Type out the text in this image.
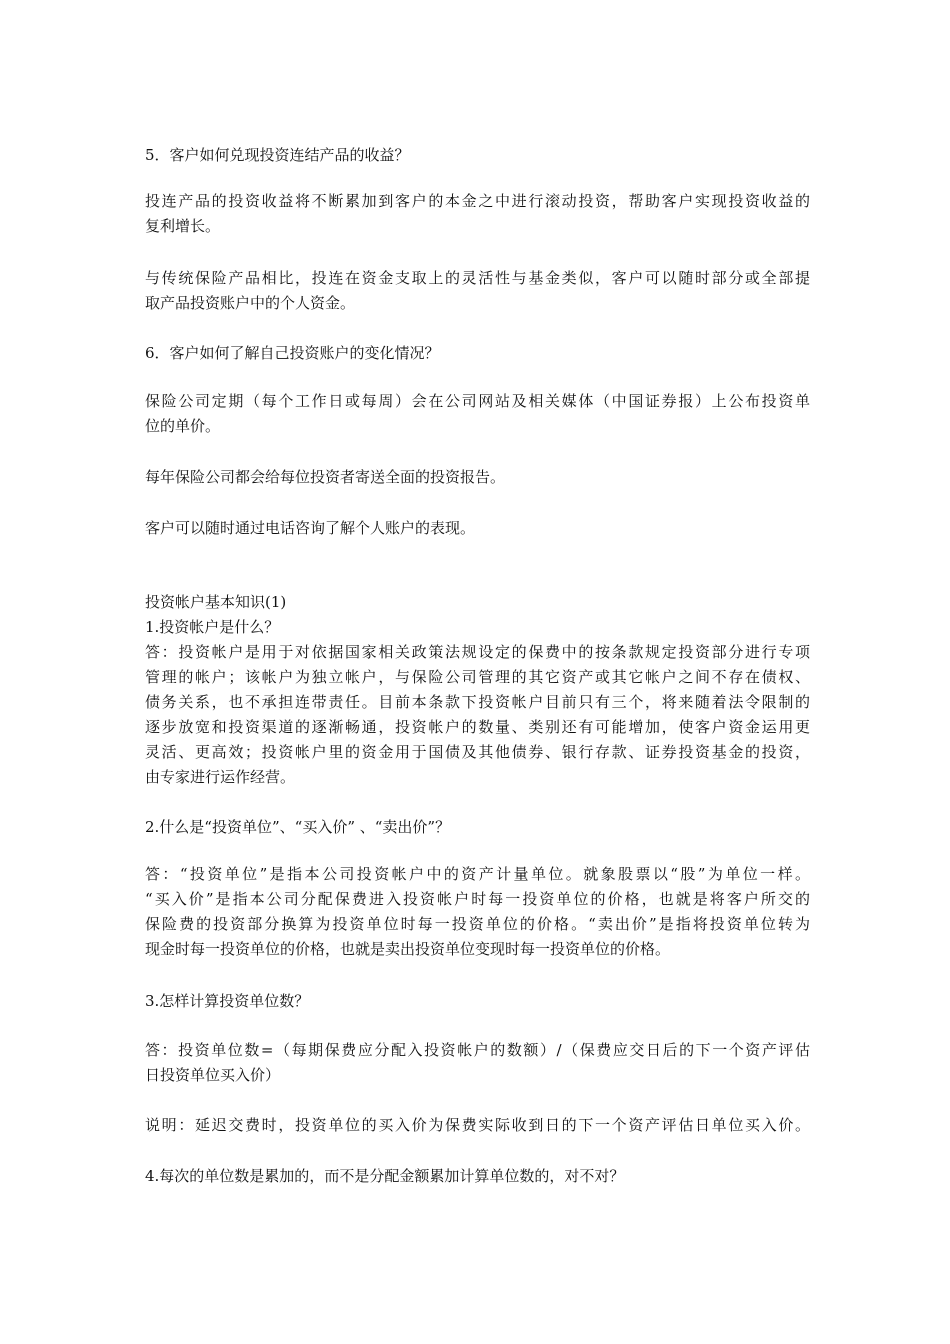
5．客户如何兑现投资连结产品的收益？

投连产品的投资收益将不断累加到客户的本金之中进行滚动投资，帮助客户实现投资收益的
复利增长。

与传统保险产品相比，投连在资金支取上的灵活性与基金类似，客户可以随时部分或全部提
取产品投资账户中的个人资金。

6．客户如何了解自己投资账户的变化情况？

保险公司定期（每个工作日或每周）会在公司网站及相关媒体（中国证券报）上公布投资单
位的单价。

每年保险公司都会给每位投资者寄送全面的投资报告。

客户可以随时通过电话咨询了解个人账户的表现。

投资帐户基本知识(1)
1.投资帐户是什么？
答：投资帐户是用于对依据国家相关政策法规设定的保费中的按条款规定投资部分进行专项
管理的帐户；该帐户为独立帐户，与保险公司管理的其它资产或其它帐户之间不存在债权、
债务关系，也不承担连带责任。目前本条款下投资帐户目前只有三个，将来随着法令限制的
逐步放宽和投资渠道的逐渐畅通，投资帐户的数量、类别还有可能增加，使客户资金运用更
灵活、更高效；投资帐户里的资金用于国债及其他债券、银行存款、证券投资基金的投资，
由专家进行运作经营。

2.什么是“投资单位”、“买入价” 、“卖出价”？

答：“投资单位”是指本公司投资帐户中的资产计量单位。就象股票以“股”为单位一样。
“买入价”是指本公司分配保费进入投资帐户时每一投资单位的价格，也就是将客户所交的
保险费的投资部分换算为投资单位时每一投资单位的价格。“卖出价”是指将投资单位转为
现金时每一投资单位的价格，也就是卖出投资单位变现时每一投资单位的价格。

3.怎样计算投资单位数？

答：投资单位数=（每期保费应分配入投资帐户的数额）/（保费应交日后的下一个资产评估
日投资单位买入价）

说明：延迟交费时，投资单位的买入价为保费实际收到日的下一个资产评估日单位买入价。

4.每次的单位数是累加的，而不是分配金额累加计算单位数的，对不对？
